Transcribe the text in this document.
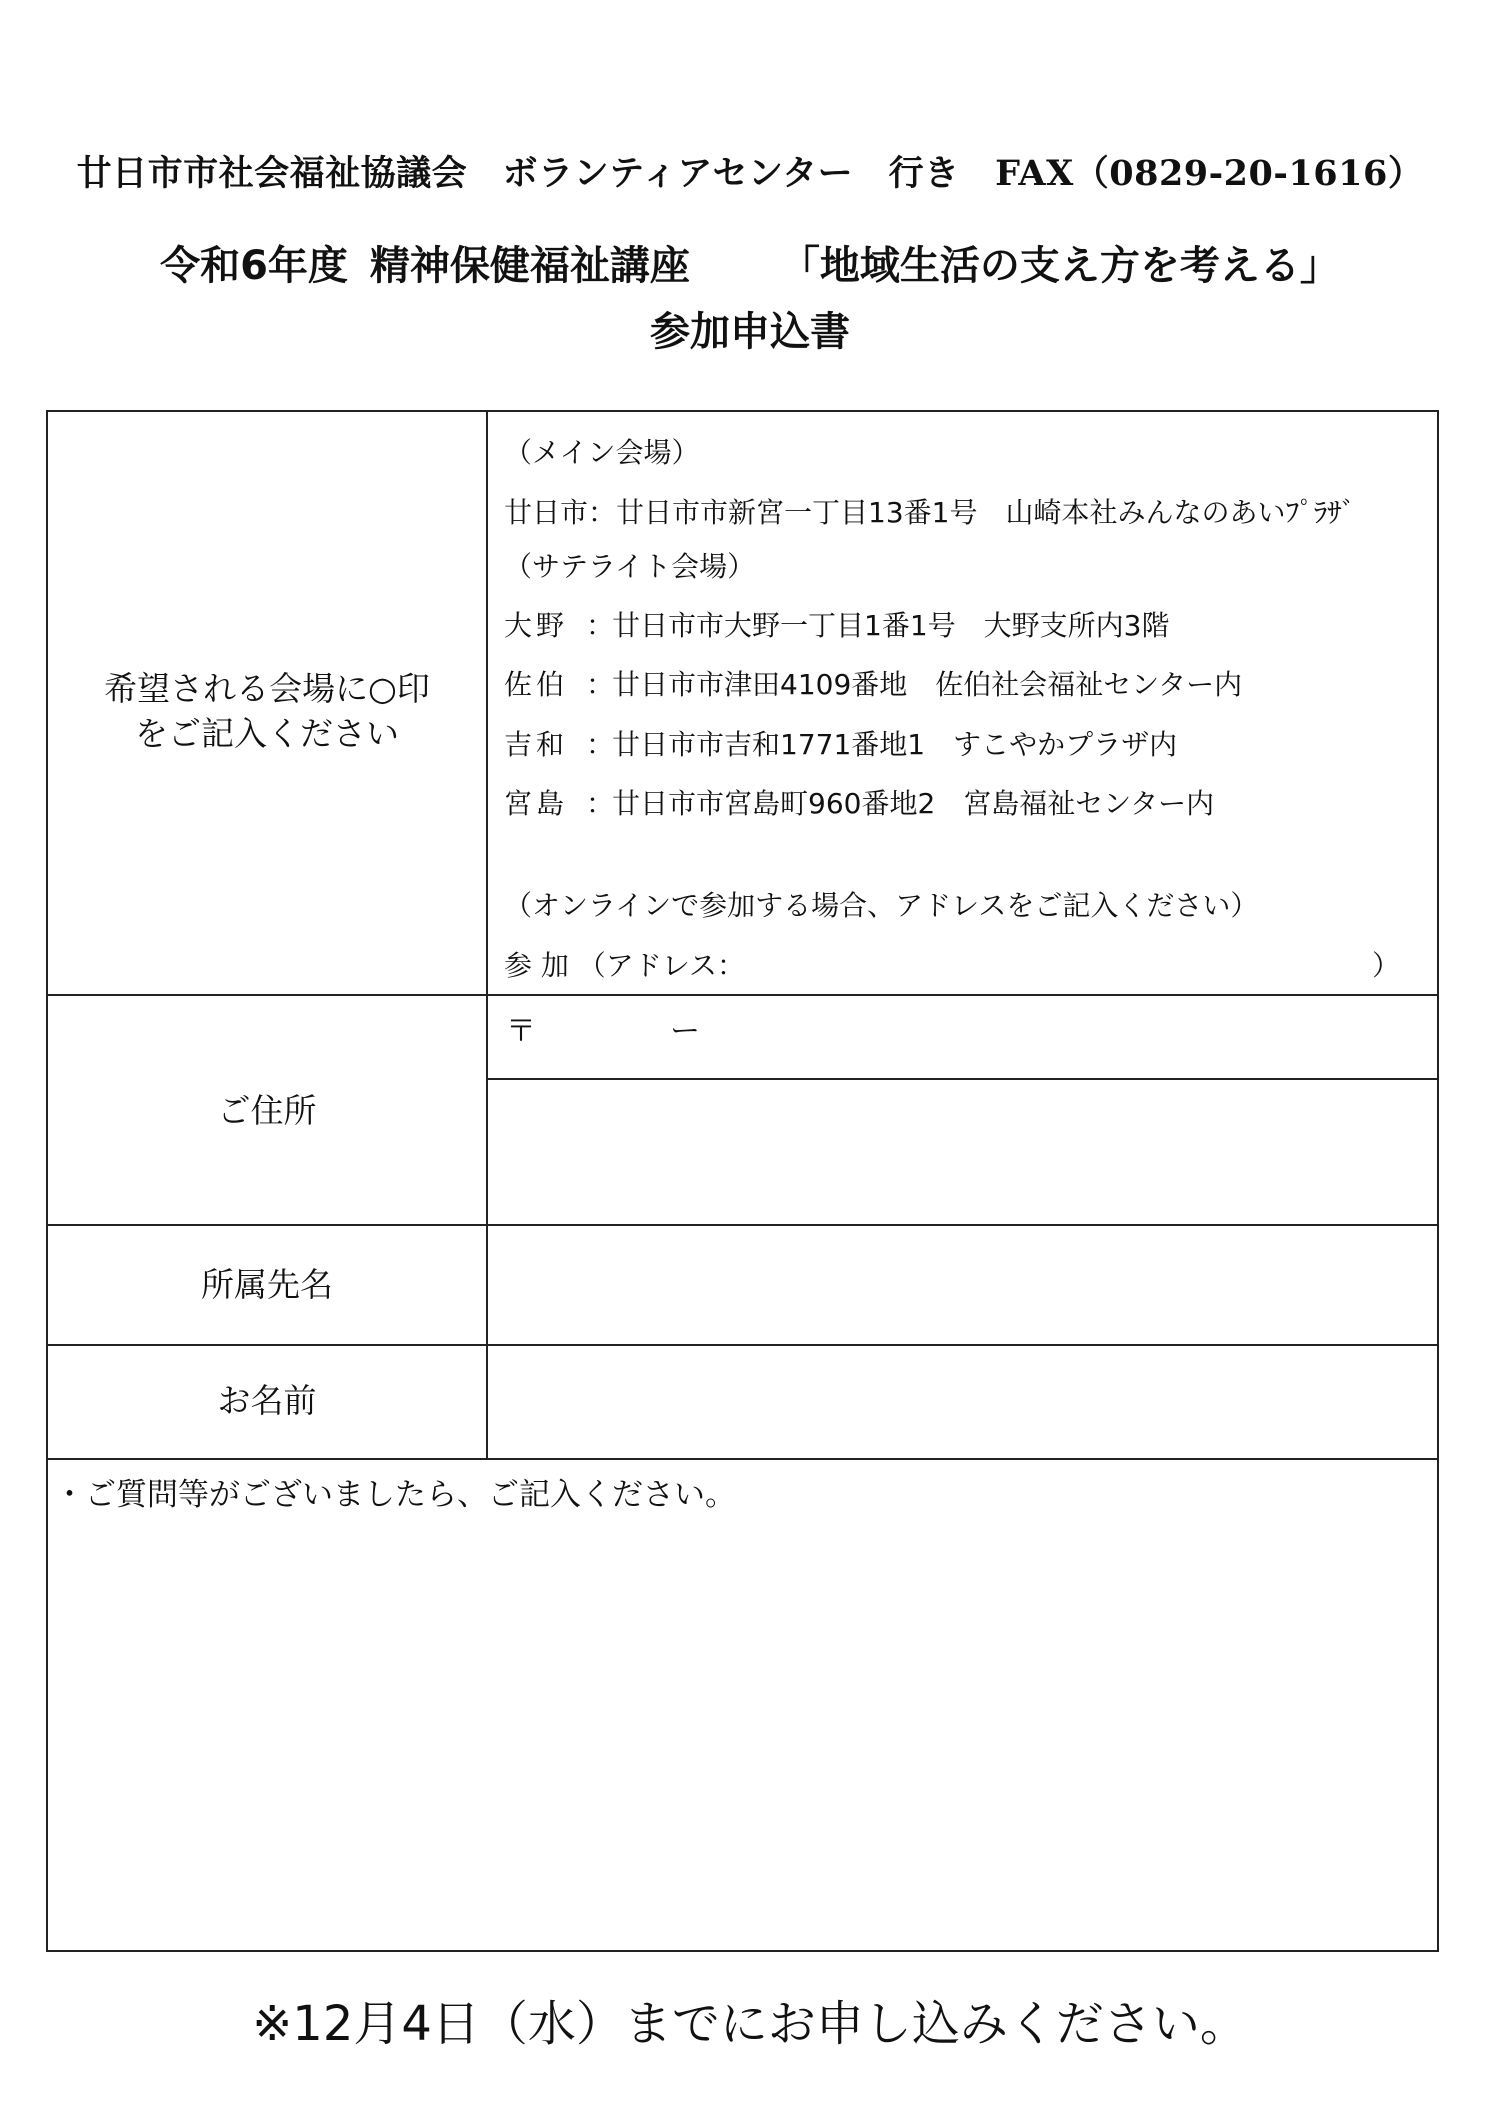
廿日市市社会福祉協議会　ボランティアセンター　行き　FAX（0829-20-1616）
令和6年度 精神保健福祉講座 「地域生活の支え方を考える」
参加申込書
希望される会場に○印
をご記入ください
（メイン会場）
廿日市：廿日市市新宮一丁目13番1号　山崎本社みんなのあいﾌﾟﾗｻﾞ
（サテライト会場）
大野 ：廿日市市大野一丁目1番1号　大野支所内3階
佐伯 ：廿日市市津田4109番地　佐伯社会福祉センター内
吉和 ：廿日市市吉和1771番地1　すこやかプラザ内
宮島 ：廿日市市宮島町960番地2　宮島福祉センター内
（オンラインで参加する場合、アドレスをご記入ください）
参 加 （アドレス：	）
ご住所
〒	ー
所属先名
お名前
・ご質問等がございましたら、ご記入ください。
※12月4日（水）までにお申し込みください。
